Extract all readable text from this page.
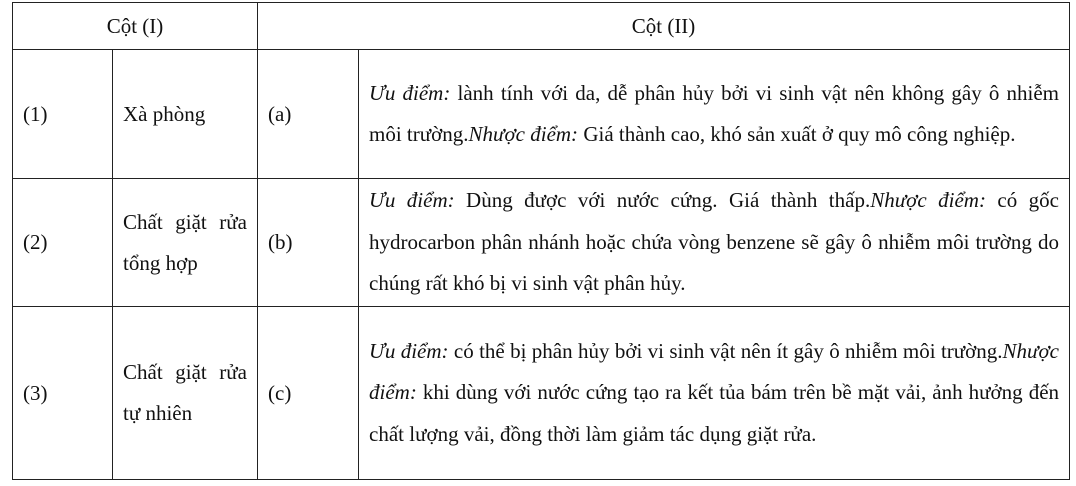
Cột (I)		Cột (II)	
(1)	Xà phòng	(a)	Ưu điểm: lành tính với da, dễ phân hủy bởi vi sinh vật nên không gây ô nhiễm môi trường.Nhược điểm: Giá thành cao, khó sản xuất ở quy mô công nghiệp.
(2)	Chất giặt rửa tổng hợp	(b)	Ưu điểm: Dùng được với nước cứng. Giá thành thấp.Nhược điểm: có gốc hydrocarbon phân nhánh hoặc chứa vòng benzene sẽ gây ô nhiễm môi trường do chúng rất khó bị vi sinh vật phân hủy.
(3)	Chất giặt rửa tự nhiên	(c)	Ưu điểm: có thể bị phân hủy bởi vi sinh vật nên ít gây ô nhiễm môi trường.Nhược điểm: khi dùng với nước cứng tạo ra kết tủa bám trên bề mặt vải, ảnh hưởng đến chất lượng vải, đồng thời làm giảm tác dụng giặt rửa.
